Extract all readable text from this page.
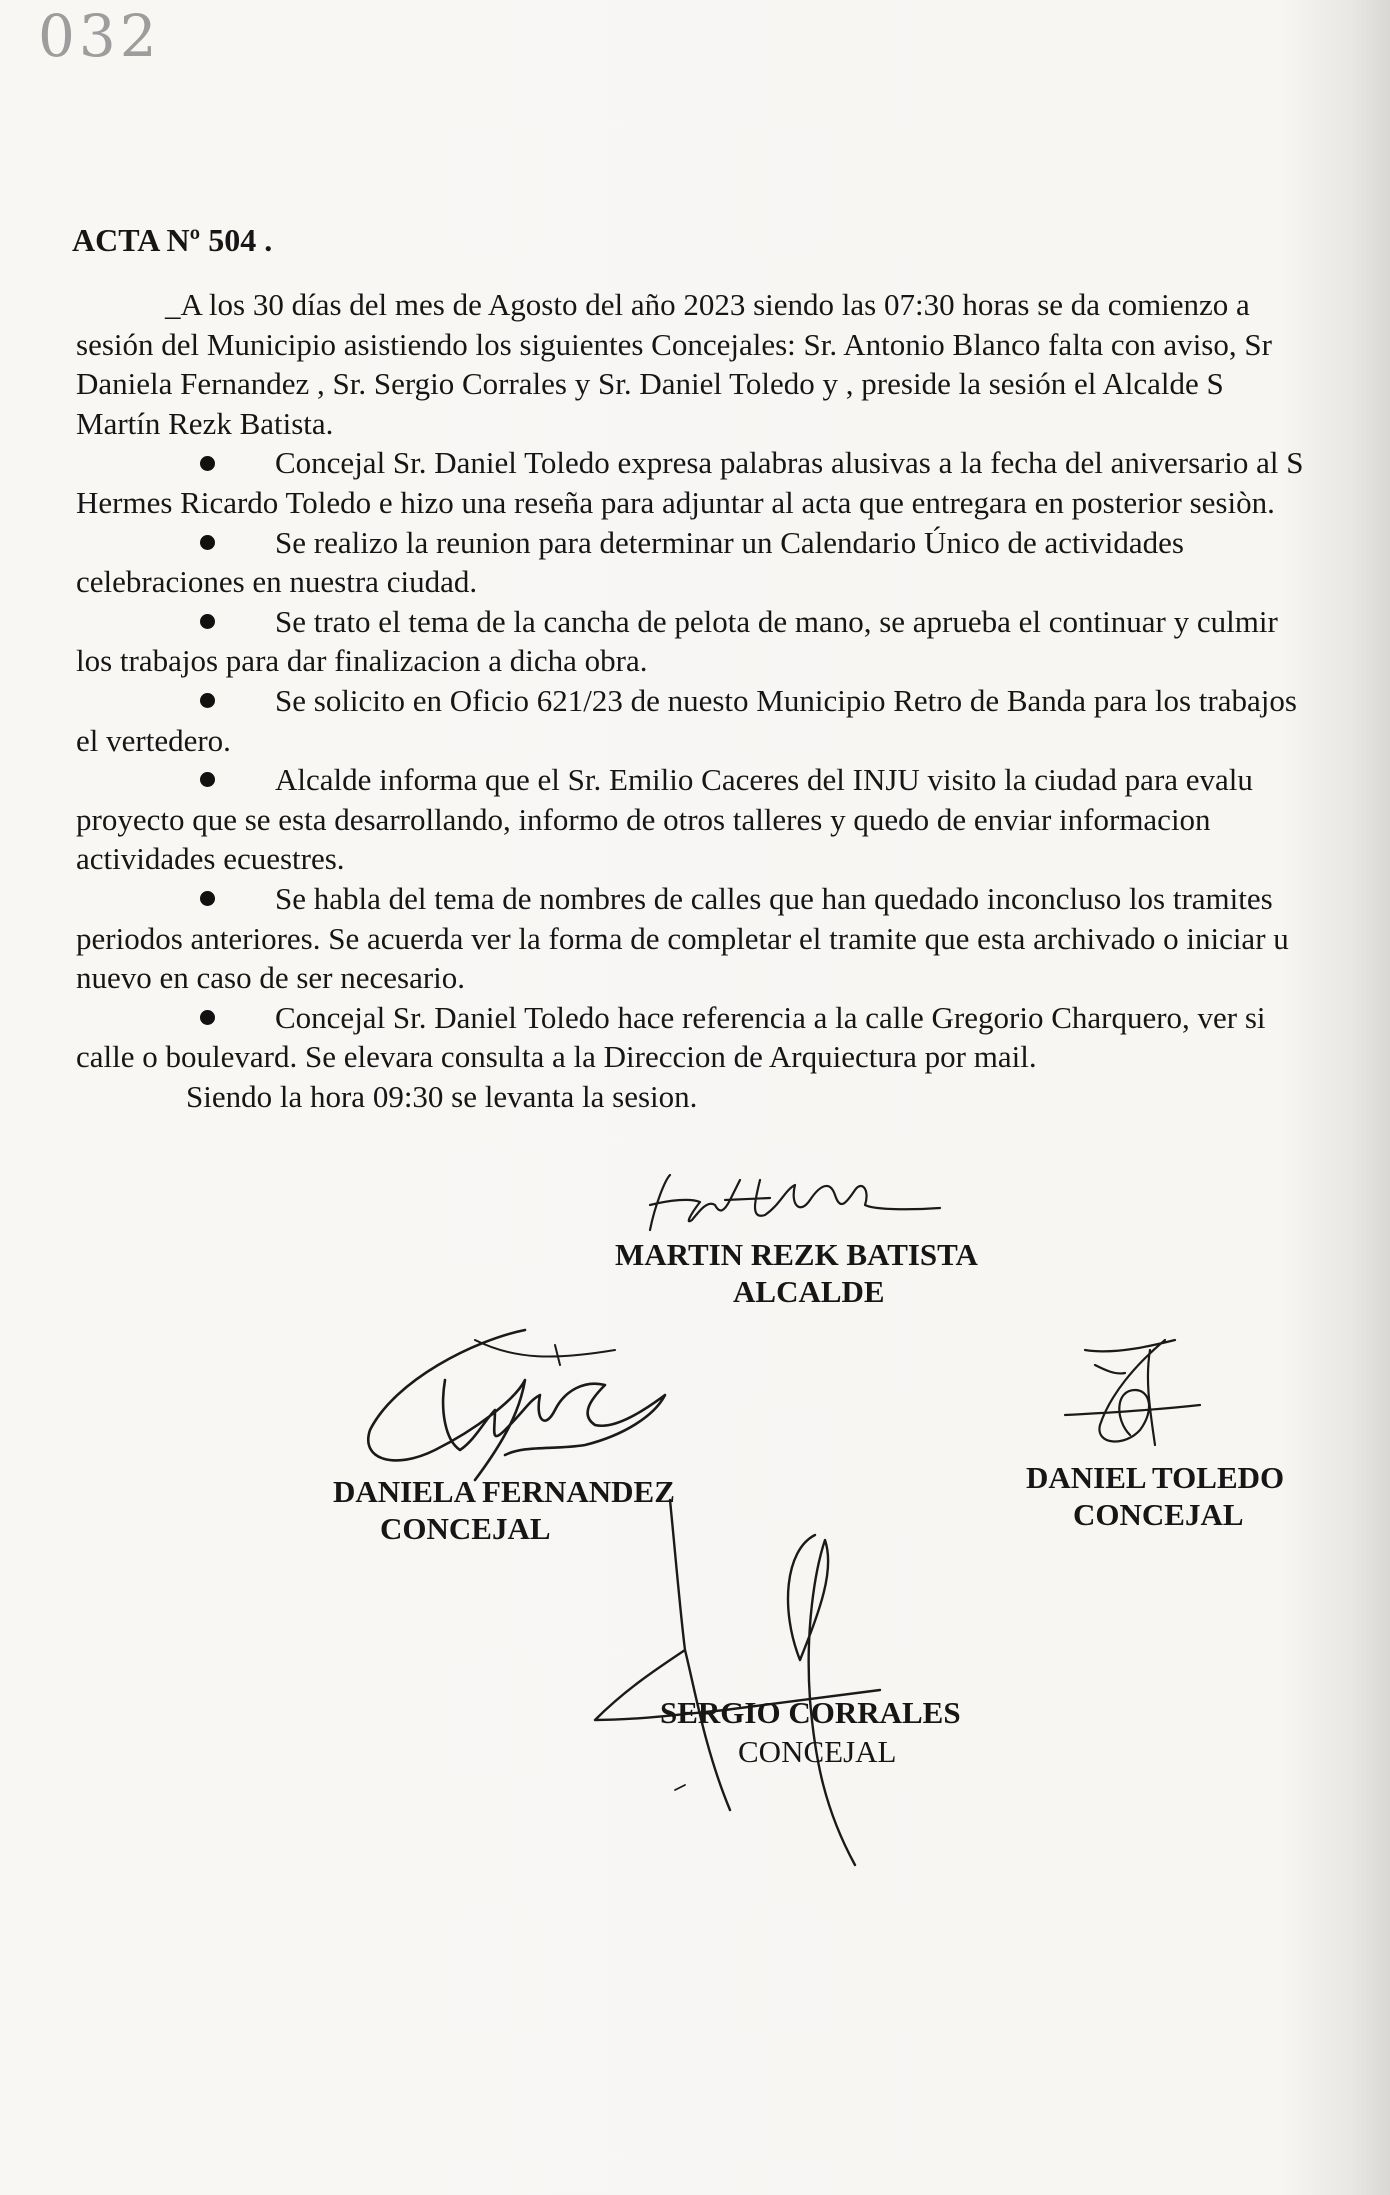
032
ACTA Nº 504 .
_A los 30 días del mes de Agosto del año 2023 siendo las 07:30 horas se da comienzo a
sesión del Municipio asistiendo los siguientes Concejales: Sr. Antonio Blanco falta con aviso, Sr
Daniela Fernandez , Sr. Sergio Corrales y Sr. Daniel Toledo y , preside la sesión el Alcalde S
Martín Rezk Batista.
Concejal Sr. Daniel Toledo expresa palabras alusivas a la fecha del aniversario al S
Hermes Ricardo Toledo e hizo una reseña para adjuntar al acta que entregara en posterior sesiòn.
Se realizo la reunion para determinar un Calendario Único de actividades
celebraciones en nuestra ciudad.
Se trato el tema de la cancha de pelota de mano, se aprueba el continuar y culmir
los trabajos para dar finalizacion a dicha obra.
Se solicito en Oficio 621/23 de nuesto Municipio Retro de Banda para los trabajos
el vertedero.
Alcalde informa que el Sr. Emilio Caceres del INJU visito la ciudad para evalu
proyecto que se esta desarrollando, informo de otros talleres y quedo de enviar informacion
actividades ecuestres.
Se habla del tema de nombres de calles que han quedado inconcluso los tramites
periodos anteriores. Se acuerda ver la forma de completar el tramite que esta archivado o iniciar u
nuevo en caso de ser necesario.
Concejal Sr. Daniel Toledo hace referencia a la calle Gregorio Charquero, ver si
calle o boulevard. Se elevara consulta a la Direccion de Arquiectura por mail.
Siendo la hora 09:30 se levanta la sesion.
MARTIN REZK BATISTA
ALCALDE
DANIELA FERNANDEZ
CONCEJAL
DANIEL TOLEDO
CONCEJAL
SERGIO CORRALES
CONCEJAL
